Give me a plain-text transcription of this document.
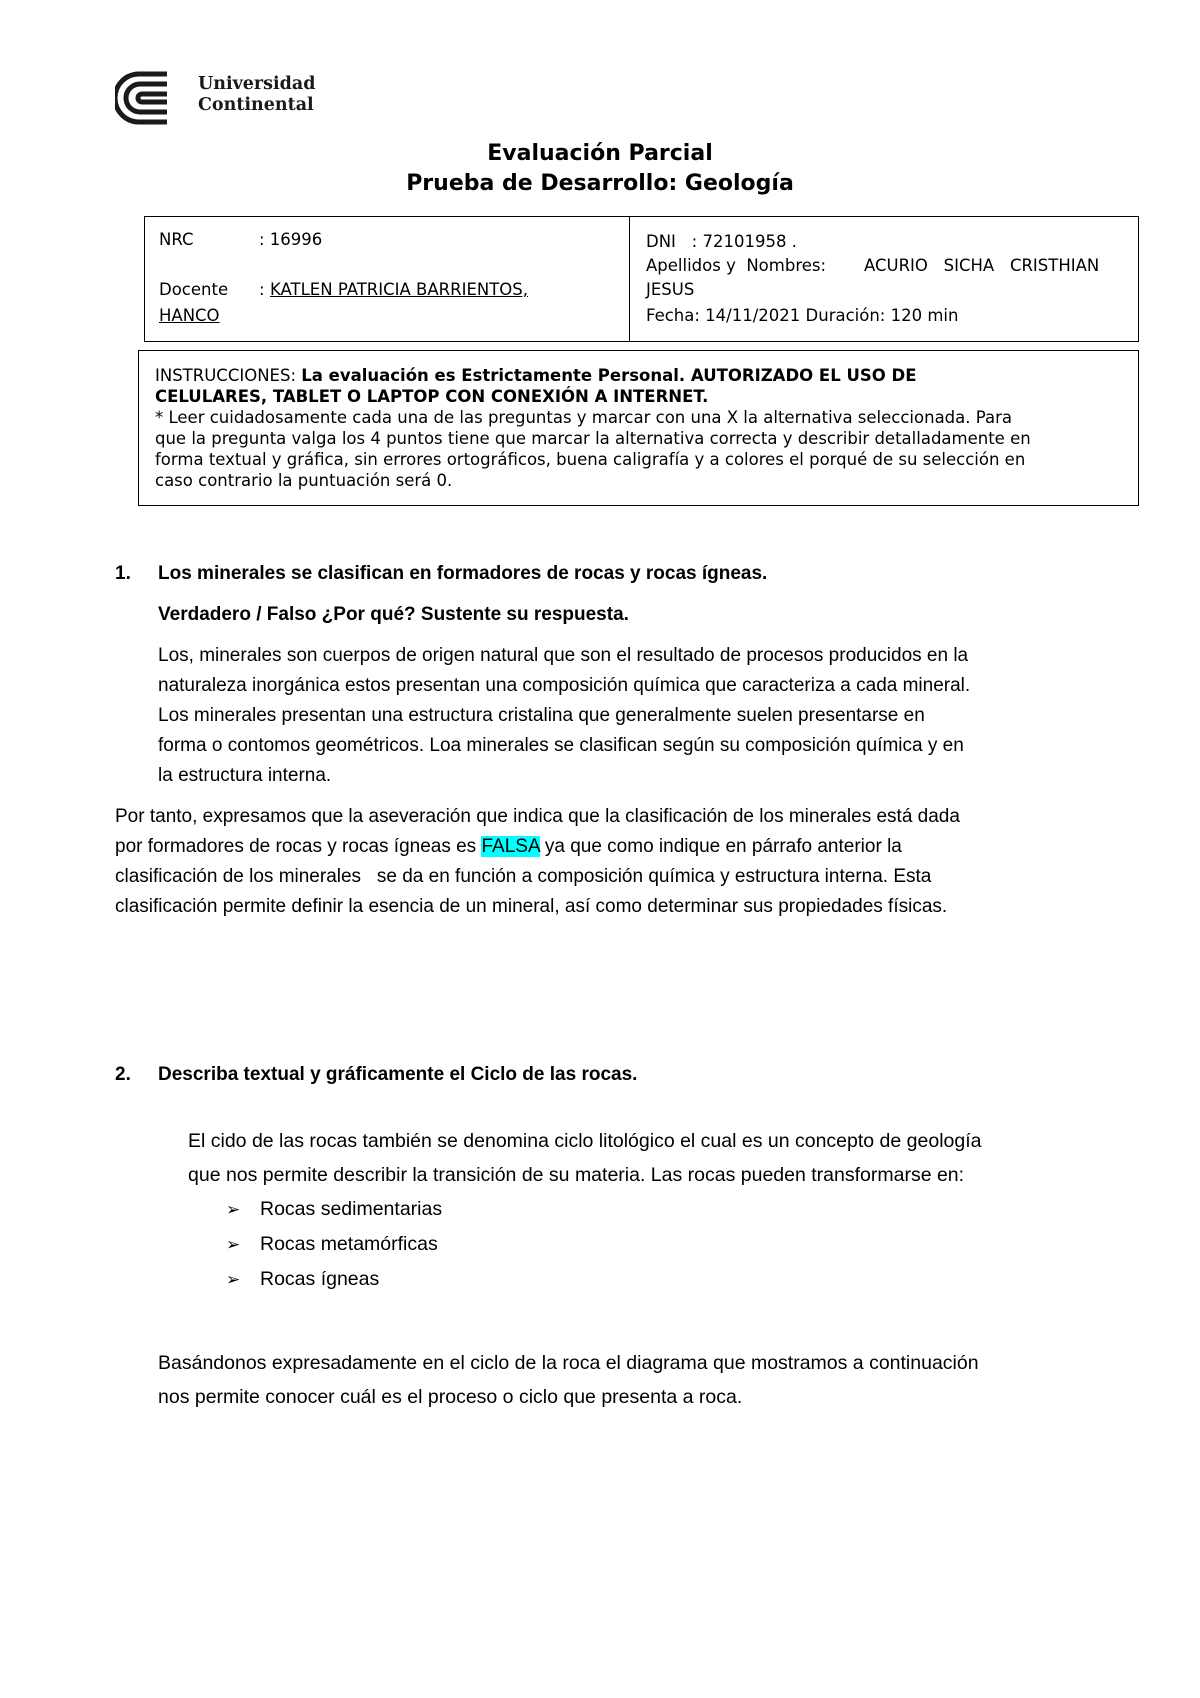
Universidad
Continental
Evaluación Parcial
Prueba de Desarrollo: Geología
NRC	: 16996
Docente : KATLEN PATRICIA BARRIENTOS,
HANCO
DNI   : 72101958 .
Apellidos y  Nombres: ACURIO   SICHA   CRISTHIAN
JESUS
Fecha: 14/11/2021 Duración: 120 min
INSTRUCCIONES: La evaluación es Estrictamente Personal. AUTORIZADO EL USO DE
CELULARES, TABLET O LAPTOP CON CONEXIÓN A INTERNET.
* Leer cuidadosamente cada una de las preguntas y marcar con una X la alternativa seleccionada. Para
que la pregunta valga los 4 puntos tiene que marcar la alternativa correcta y describir detalladamente en
forma textual y gráfica, sin errores ortográficos, buena caligrafía y a colores el porqué de su selección en
caso contrario la puntuación será 0.
1. Los minerales se clasifican en formadores de rocas y rocas ígneas.
Verdadero / Falso ¿Por qué? Sustente su respuesta.
Los, minerales son cuerpos de origen natural que son el resultado de procesos producidos en la
naturaleza inorgánica estos presentan una composición química que caracteriza a cada mineral.
Los minerales presentan una estructura cristalina que generalmente suelen presentarse en
forma o contomos geométricos. Loa minerales se clasifican según su composición química y en
la estructura interna.
Por tanto, expresamos que la aseveración que indica que la clasificación de los minerales está dada
por formadores de rocas y rocas ígneas es FALSA ya que como indique en párrafo anterior la
clasificación de los minerales   se da en función a composición química y estructura interna. Esta
clasificación permite definir la esencia de un mineral, así como determinar sus propiedades físicas.
2. Describa textual y gráficamente el Ciclo de las rocas.
El cido de las rocas también se denomina ciclo litológico el cual es un concepto de geología
que nos permite describir la transición de su materia. Las rocas pueden transformarse en:
➢ Rocas sedimentarias
➢ Rocas metamórficas
➢ Rocas ígneas
Basándonos expresadamente en el ciclo de la roca el diagrama que mostramos a continuación
nos permite conocer cuál es el proceso o ciclo que presenta a roca.
